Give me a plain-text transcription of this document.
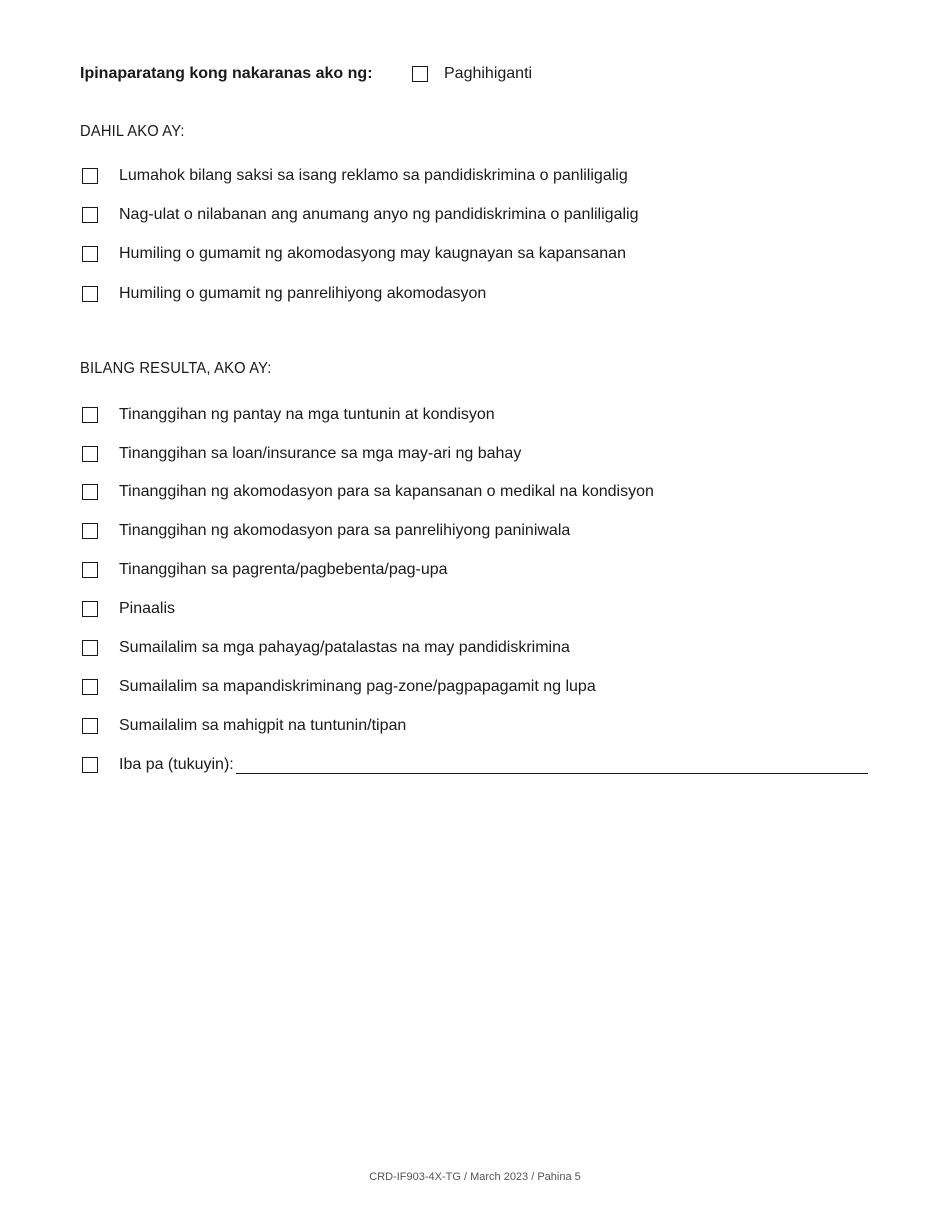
Ipinaparatang kong nakaranas ako ng:	Paghihiganti
DAHIL AKO AY:
Lumahok bilang saksi sa isang reklamo sa pandidiskrimina o panliligalig
Nag-ulat o nilabanan ang anumang anyo ng pandidiskrimina o panliligalig
Humiling o gumamit ng akomodasyong may kaugnayan sa kapansanan
Humiling o gumamit ng panrelihiyong akomodasyon
BILANG RESULTA, AKO AY:
Tinanggihan ng pantay na mga tuntunin at kondisyon
Tinanggihan sa loan/insurance sa mga may-ari ng bahay
Tinanggihan ng akomodasyon para sa kapansanan o medikal na kondisyon
Tinanggihan ng akomodasyon para sa panrelihiyong paniniwala
Tinanggihan sa pagrenta/pagbebenta/pag-upa
Pinaalis
Sumailalim sa mga pahayag/patalastas na may pandidiskrimina
Sumailalim sa mapandiskriminang pag-zone/pagpapagamit ng lupa
Sumailalim sa mahigpit na tuntunin/tipan
Iba pa (tukuyin):
CRD-IF903-4X-TG / March 2023 / Pahina 5
